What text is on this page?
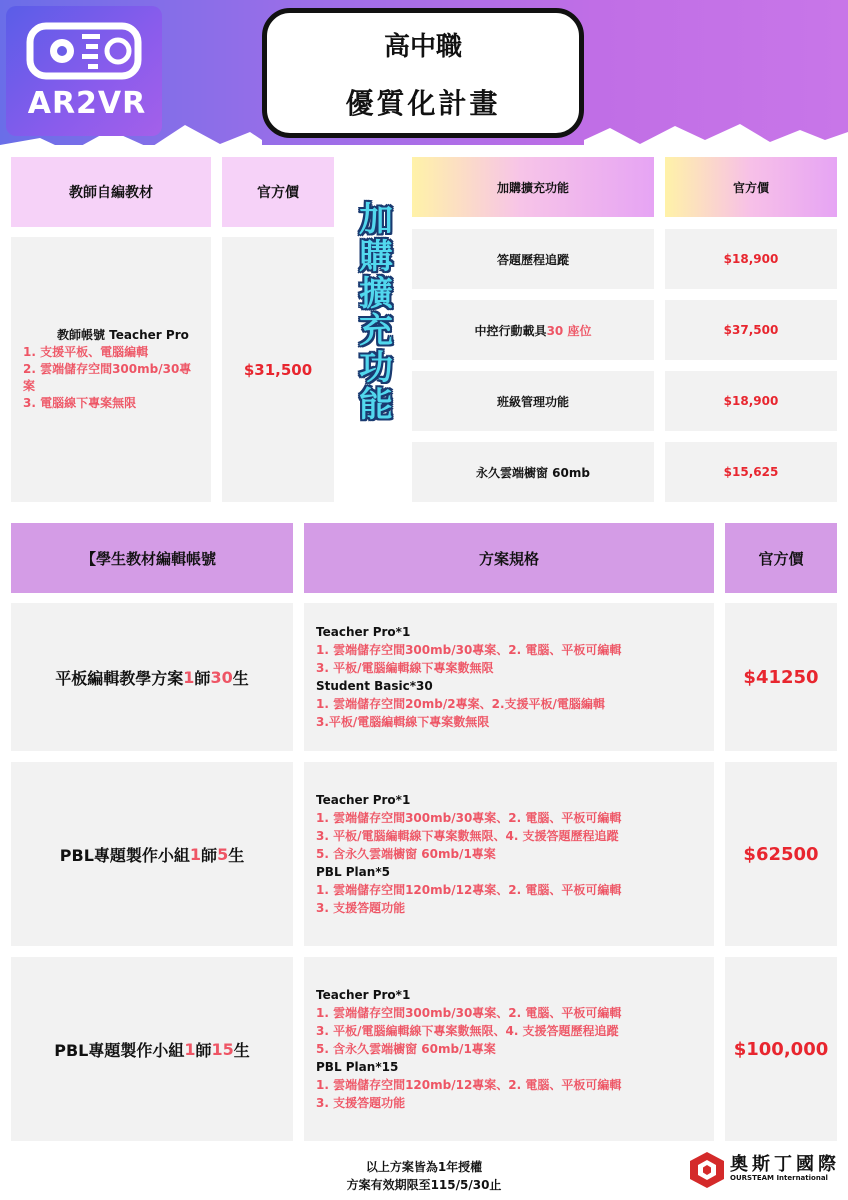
AR2VR
高中職
優質化計畫
教師自編教材	官方價
教師帳號 Teacher Pro
1. 支援平板、電腦編輯
2. 雲端儲存空間300mb/30專案
3. 電腦線下專案無限
$31,500
加
購
擴
充
功
能
加購擴充功能	官方價
答題歷程追蹤	$18,900
中控行動載具 30 座位	$37,500
班級管理功能	$18,900
永久雲端櫥窗 60mb	$15,625
【學生教材編輯帳號	方案規格	官方價
平板編輯教學方案 1 師 30 生
Teacher Pro*1
1. 雲端儲存空間300mb/30專案、2. 電腦、平板可編輯
3. 平板/電腦編輯線下專案數無限
Student Basic*30
1. 雲端儲存空間20mb/2專案、2.支援平板/電腦編輯
3.平板/電腦編輯線下專案數無限
$41250
PBL專題製作小組 1 師 5 生
Teacher Pro*1
1. 雲端儲存空間300mb/30專案、2. 電腦、平板可編輯
3. 平板/電腦編輯線下專案數無限、4. 支援答題歷程追蹤
5. 含永久雲端櫥窗 60mb/1專案
PBL Plan*5
1. 雲端儲存空間120mb/12專案、2. 電腦、平板可編輯
3. 支援答題功能
$62500
PBL專題製作小組 1 師 15 生
Teacher Pro*1
1. 雲端儲存空間300mb/30專案、2. 電腦、平板可編輯
3. 平板/電腦編輯線下專案數無限、4. 支援答題歷程追蹤
5. 含永久雲端櫥窗 60mb/1專案
PBL Plan*15
1. 雲端儲存空間120mb/12專案、2. 電腦、平板可編輯
3. 支援答題功能
$100,000
以上方案皆為1年授權
方案有效期限至115/5/30止
奧斯丁國際
OURSTEAM International
